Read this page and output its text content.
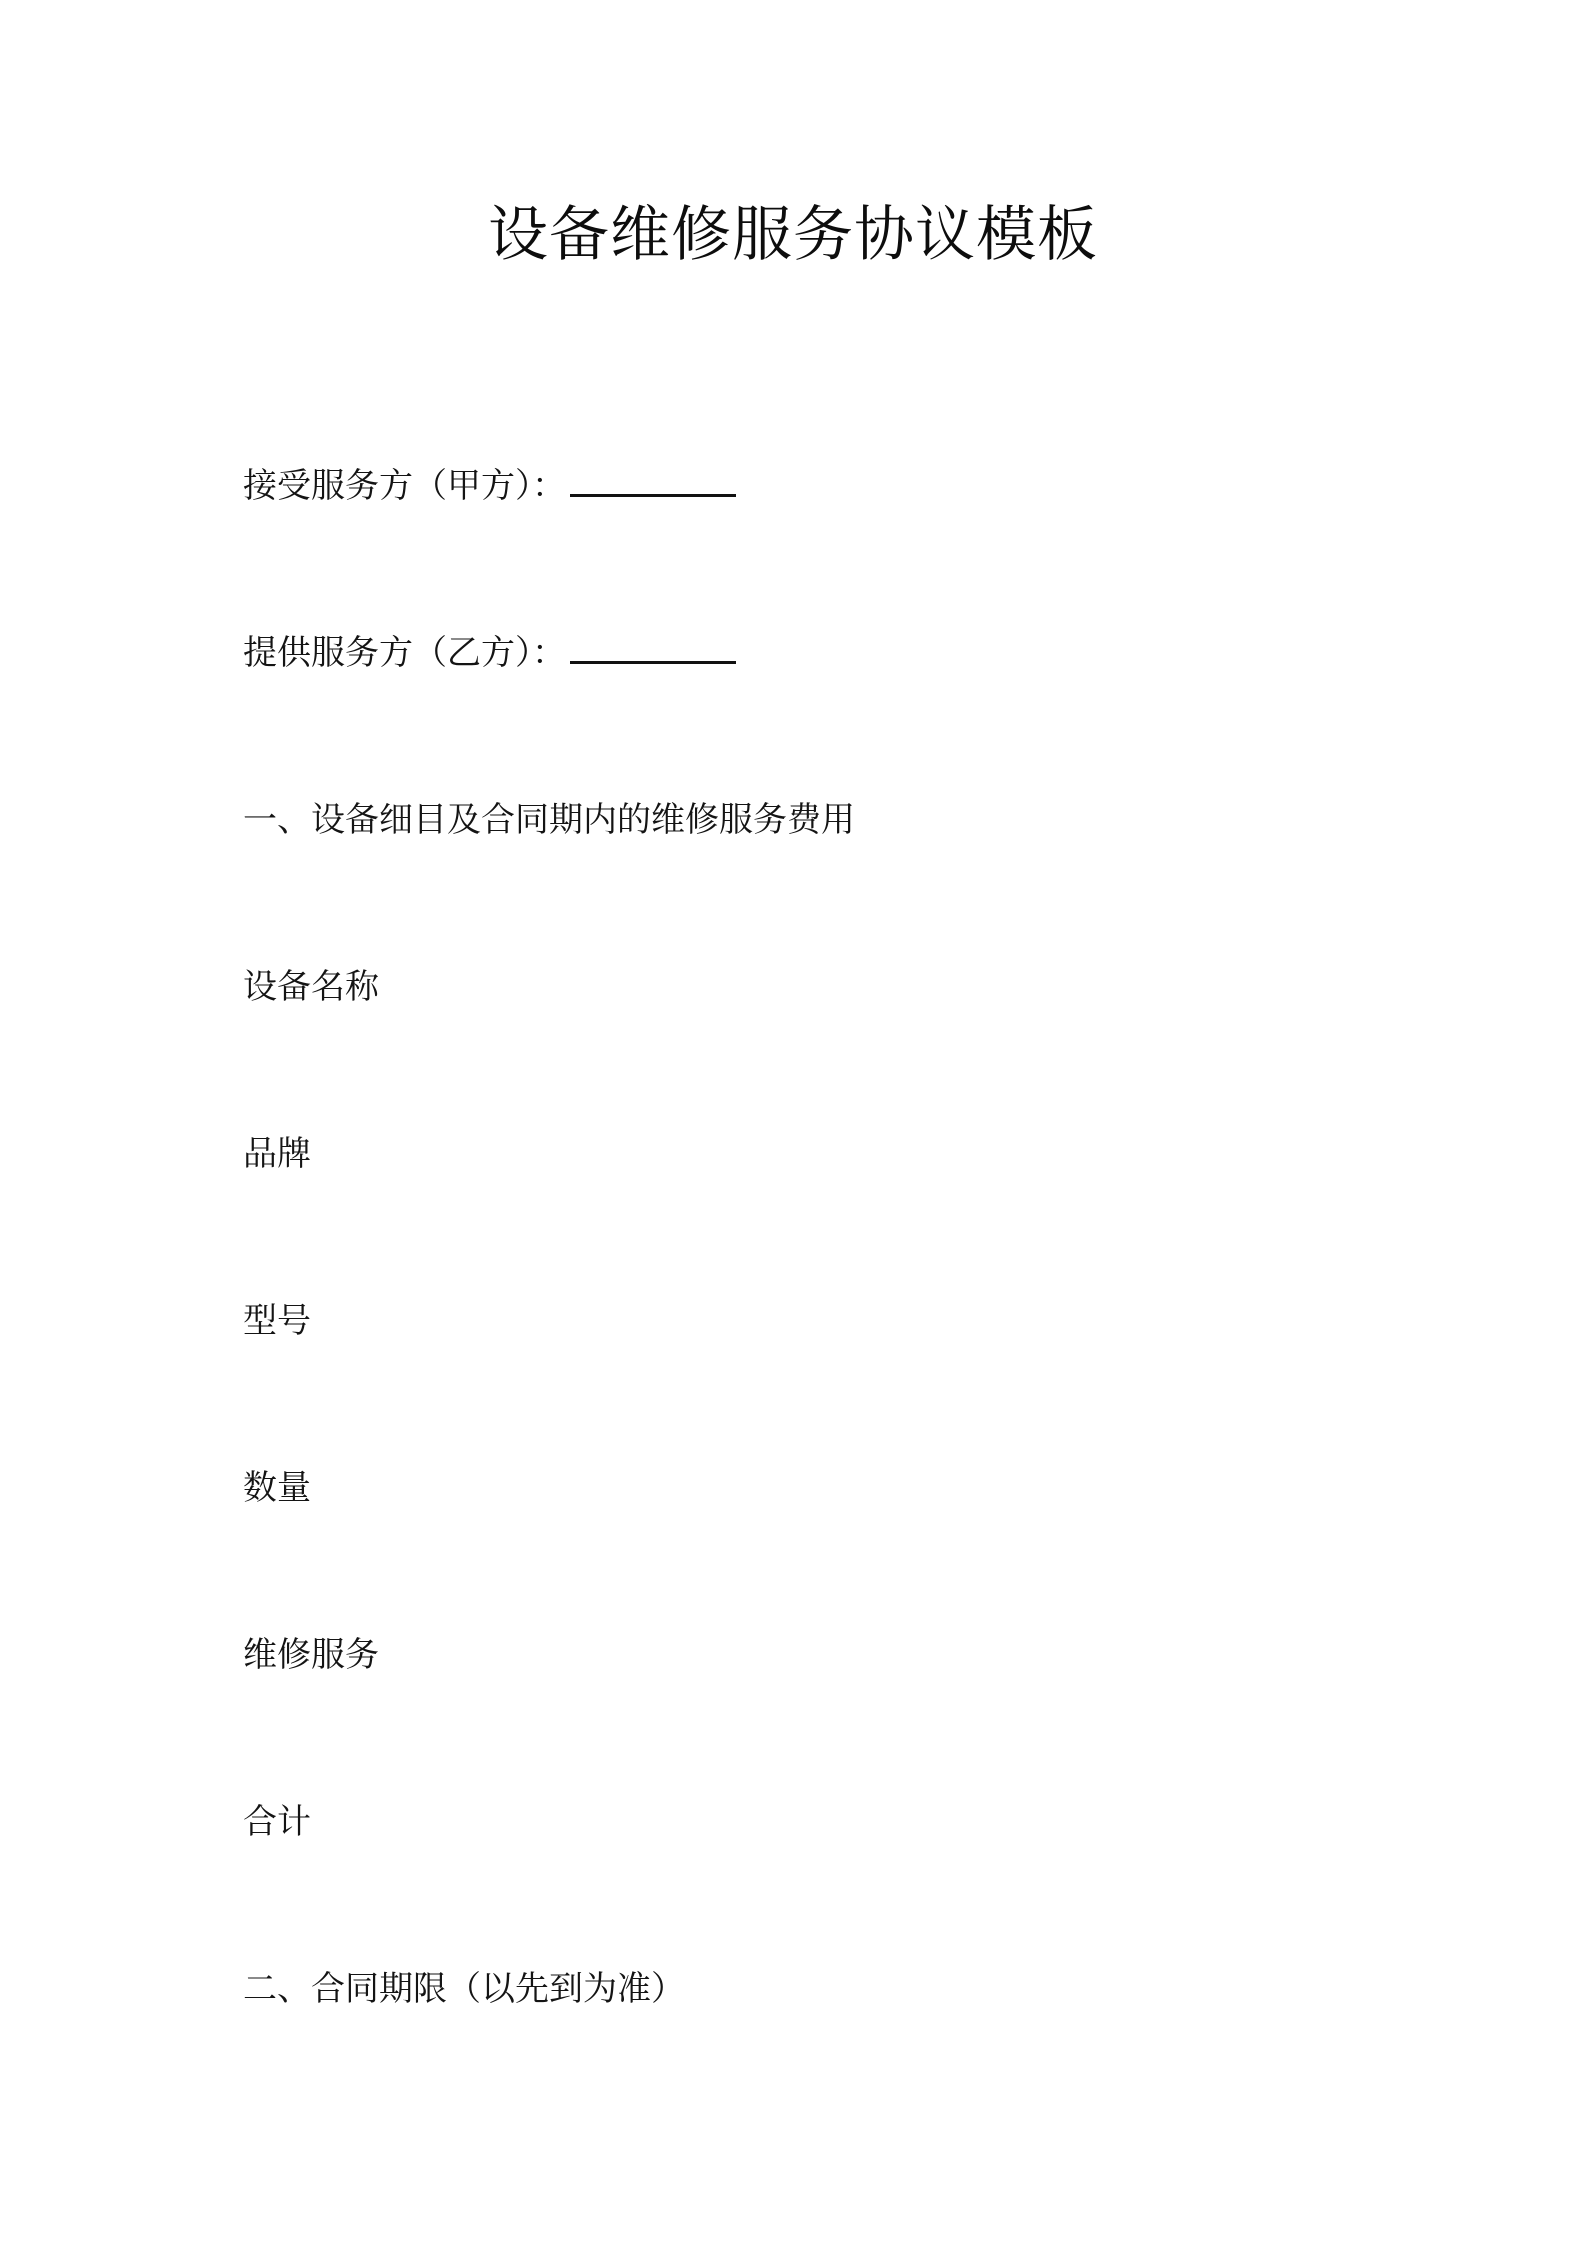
设备维修服务协议模板
接受服务方（甲方）：
提供服务方（乙方）：
一、设备细目及合同期内的维修服务费用
设备名称
品牌
型号
数量
维修服务
合计
二、合同期限（以先到为准）
